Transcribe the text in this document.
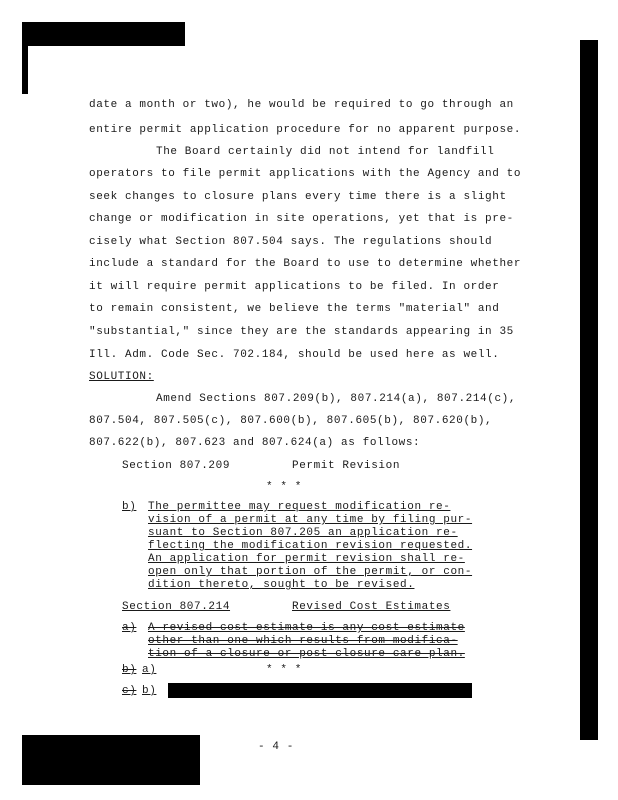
date a month or two), he would be required to go through an
entire permit application procedure for no apparent purpose.
The Board certainly did not intend for landfill
operators to file permit applications with the Agency and to
seek changes to closure plans every time there is a slight
change or modification in site operations, yet that is pre-
cisely what Section 807.504 says. The regulations should
include a standard for the Board to use to determine whether
it will require permit applications to be filed. In order
to remain consistent, we believe the terms "material" and
"substantial," since they are the standards appearing in 35
Ill. Adm. Code Sec. 702.184, should be used here as well.
SOLUTION:
Amend Sections 807.209(b), 807.214(a), 807.214(c),
807.504, 807.505(c), 807.600(b), 807.605(b), 807.620(b),
807.622(b), 807.623 and 807.624(a) as follows:
Section 807.209	Permit Revision
* * *
b) The permittee may request modification re-
vision of a permit at any time by filing pur-
suant to Section 807.205 an application re-
flecting the modification revision requested.
An application for permit revision shall re-
open only that portion of the permit, or con-
dition thereto, sought to be revised.
Section 807.214	Revised Cost Estimates
a) A revised cost estimate is any cost estimate
other than one which results from modifica-
tion of a closure or post closure care plan.
b) a)	* * *
c) b)
- 4 -
